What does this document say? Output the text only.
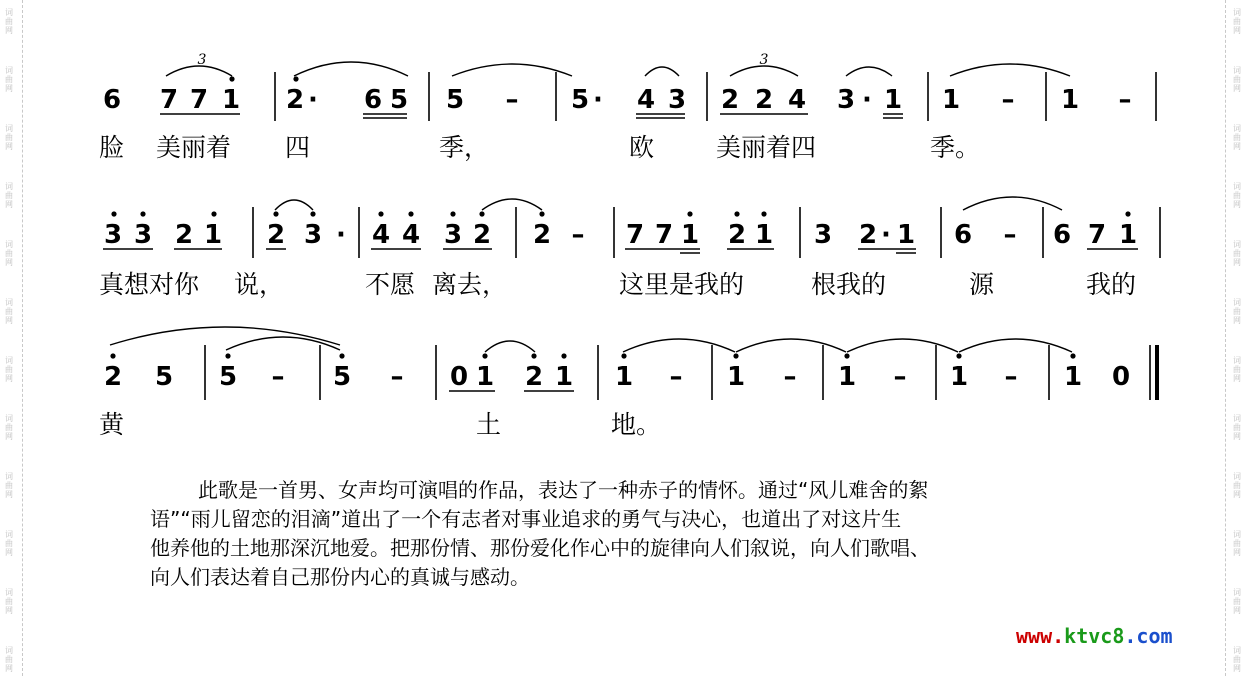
6 7 7 1
3
2 · 6 5 5 – 5 · 4 3 2 2 4 3 · 1
3
1 – 1 –
脸 美丽着 四	季，	欧 美丽着四	季。
3 3 2 1 2 3 · 4 4 3 2 2 – 7 7 1 2 1 3 2 · 1 6 – 6 7 1
真想对你 说，	不愿 离去，	这里是我的	根我的	源	我的
2 5 5 – 5 – 0 1 2 1 1 – 1 – 1 – 1 – 1 0
黄	土	地。

此歌是一首男、女声均可演唱的作品，表达了一种赤子的情怀。通过“风儿难舍的絮

语”“雨儿留恋的泪滴”道出了一个有志者对事业追求的勇气与决心，也道出了对这片生

他养他的土地那深沉地爱。把那份情、那份爱化作心中的旋律向人们叙说，向人们歌唱、

向人们表达着自己那份内心的真诚与感动。

www.ktvc8.com
词
曲
网
词
曲
网
词
曲
网
词
曲
网
词
曲
网
词
曲
网
词
曲
网
词
曲
网
词
曲
网
词
曲
网
词
曲
网
词
曲
网
词
曲
网
词
曲
网
词
曲
网
词
曲
网
词
曲
网
词
曲
网
词
曲
网
词
曲
网
词
曲
网
词
曲
网
词
曲
网
词
曲
网
